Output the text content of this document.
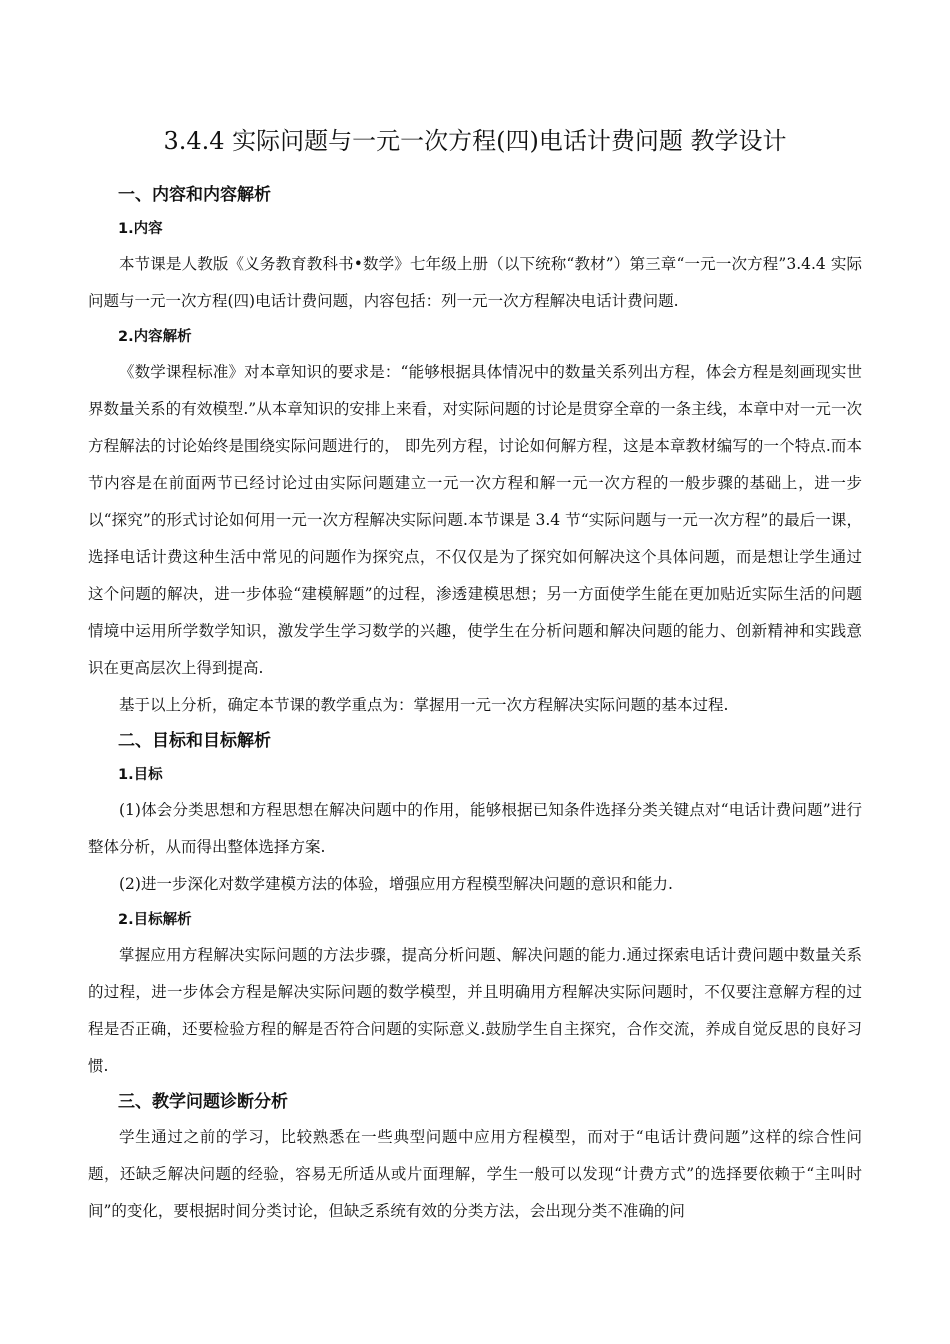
3.4.4 实际问题与一元一次方程(四)电话计费问题 教学设计
一、内容和内容解析
1.内容

本节课是人教版《义务教育教科书•数学》七年级上册（以下统称“教材”）第三章“一元一次方程”3.4.4 实际问题与一元一次方程(四)电话计费问题，内容包括：列一元一次方程解决电话计费问题.

2.内容解析

《数学课程标准》对本章知识的要求是：“能够根据具体情况中的数量关系列出方程，体会方程是刻画现实世界数量关系的有效模型.”从本章知识的安排上来看，对实际问题的讨论是贯穿全章的一条主线，本章中对一元一次方程解法的讨论始终是围绕实际问题进行的， 即先列方程，讨论如何解方程，这是本章教材编写的一个特点.而本节内容是在前面两节已经讨论过由实际问题建立一元一次方程和解一元一次方程的一般步骤的基础上，进一步以“探究”的形式讨论如何用一元一次方程解决实际问题.本节课是 3.4 节“实际问题与一元一次方程”的最后一课，选择电话计费这种生活中常见的问题作为探究点，不仅仅是为了探究如何解决这个具体问题，而是想让学生通过这个问题的解决，进一步体验“建模解题”的过程，渗透建模思想；另一方面使学生能在更加贴近实际生活的问题情境中运用所学数学知识，激发学生学习数学的兴趣，使学生在分析问题和解决问题的能力、创新精神和实践意识在更高层次上得到提高.

基于以上分析，确定本节课的教学重点为：掌握用一元一次方程解决实际问题的基本过程.

二、目标和目标解析
1.目标

(1)体会分类思想和方程思想在解决问题中的作用，能够根据已知条件选择分类关键点对“电话计费问题”进行整体分析，从而得出整体选择方案.

(2)进一步深化对数学建模方法的体验，增强应用方程模型解决问题的意识和能力.

2.目标解析

掌握应用方程解决实际问题的方法步骤，提高分析问题、解决问题的能力.通过探索电话计费问题中数量关系的过程，进一步体会方程是解决实际问题的数学模型，并且明确用方程解决实际问题时，不仅要注意解方程的过程是否正确，还要检验方程的解是否符合问题的实际意义.鼓励学生自主探究，合作交流，养成自觉反思的良好习惯.

三、教学问题诊断分析

学生通过之前的学习，比较熟悉在一些典型问题中应用方程模型，而对于“电话计费问题”这样的综合性问题，还缺乏解决问题的经验，容易无所适从或片面理解，学生一般可以发现“计费方式”的选择要依赖于“主叫时间”的变化，要根据时间分类讨论，但缺乏系统有效的分类方法，会出现分类不准确的问
